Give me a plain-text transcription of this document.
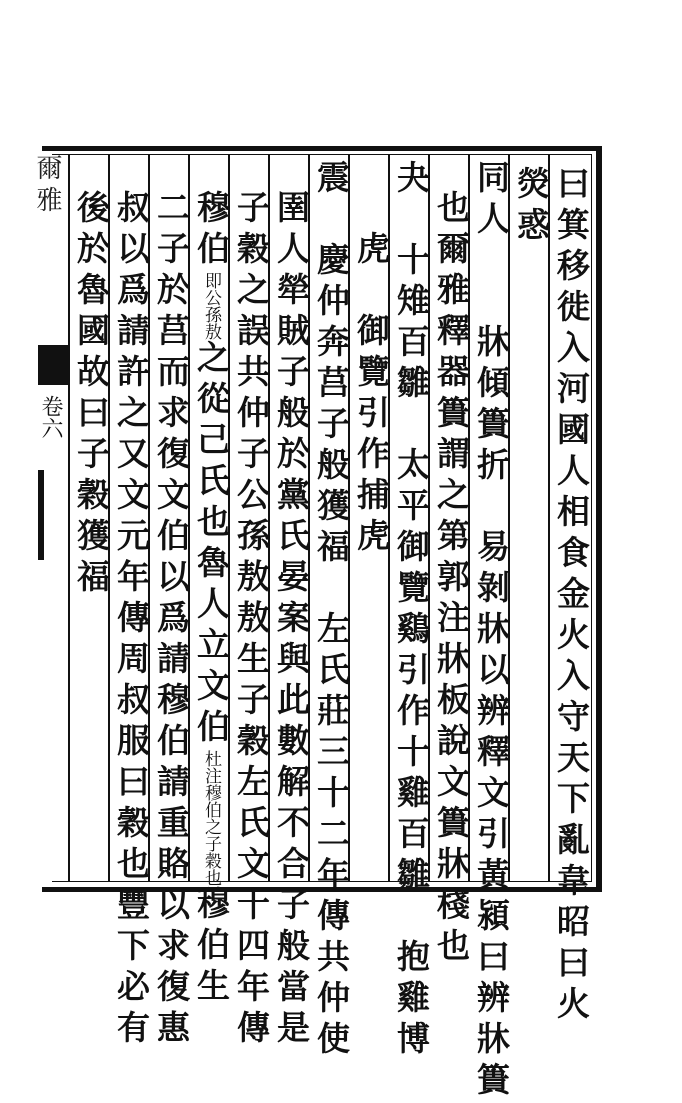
爾雅	曰箕移徙入河國人相食金火入守天下亂韋昭曰火
熒惑
同人　　牀傾簣折　易剝牀以辨釋文引黃潁曰辨牀簣
也爾雅釋器簣謂之第郭注牀板說文簣牀棧也
夬　十雉百雛　太平御覽鷄引作十雞百雛　抱雞博
　虎　御覽引作捕虎
震　慶仲奔莒子般獲福　左氏莊三十二年傳共仲使
圉人犖賊子般於黨氏晏案與此數解不合子般當是
子穀之誤共仲子公孫敖敖生子穀左氏文十四年傳
穆伯即公孫敖之從己氏也魯人立文伯杜注穆伯之子穀也穆伯生
二子於莒而求復文伯以爲請穆伯請重賂以求復惠
叔以爲請許之又文元年傳周叔服曰穀也豐下必有
後於魯國故曰子穀獲福
卷六
